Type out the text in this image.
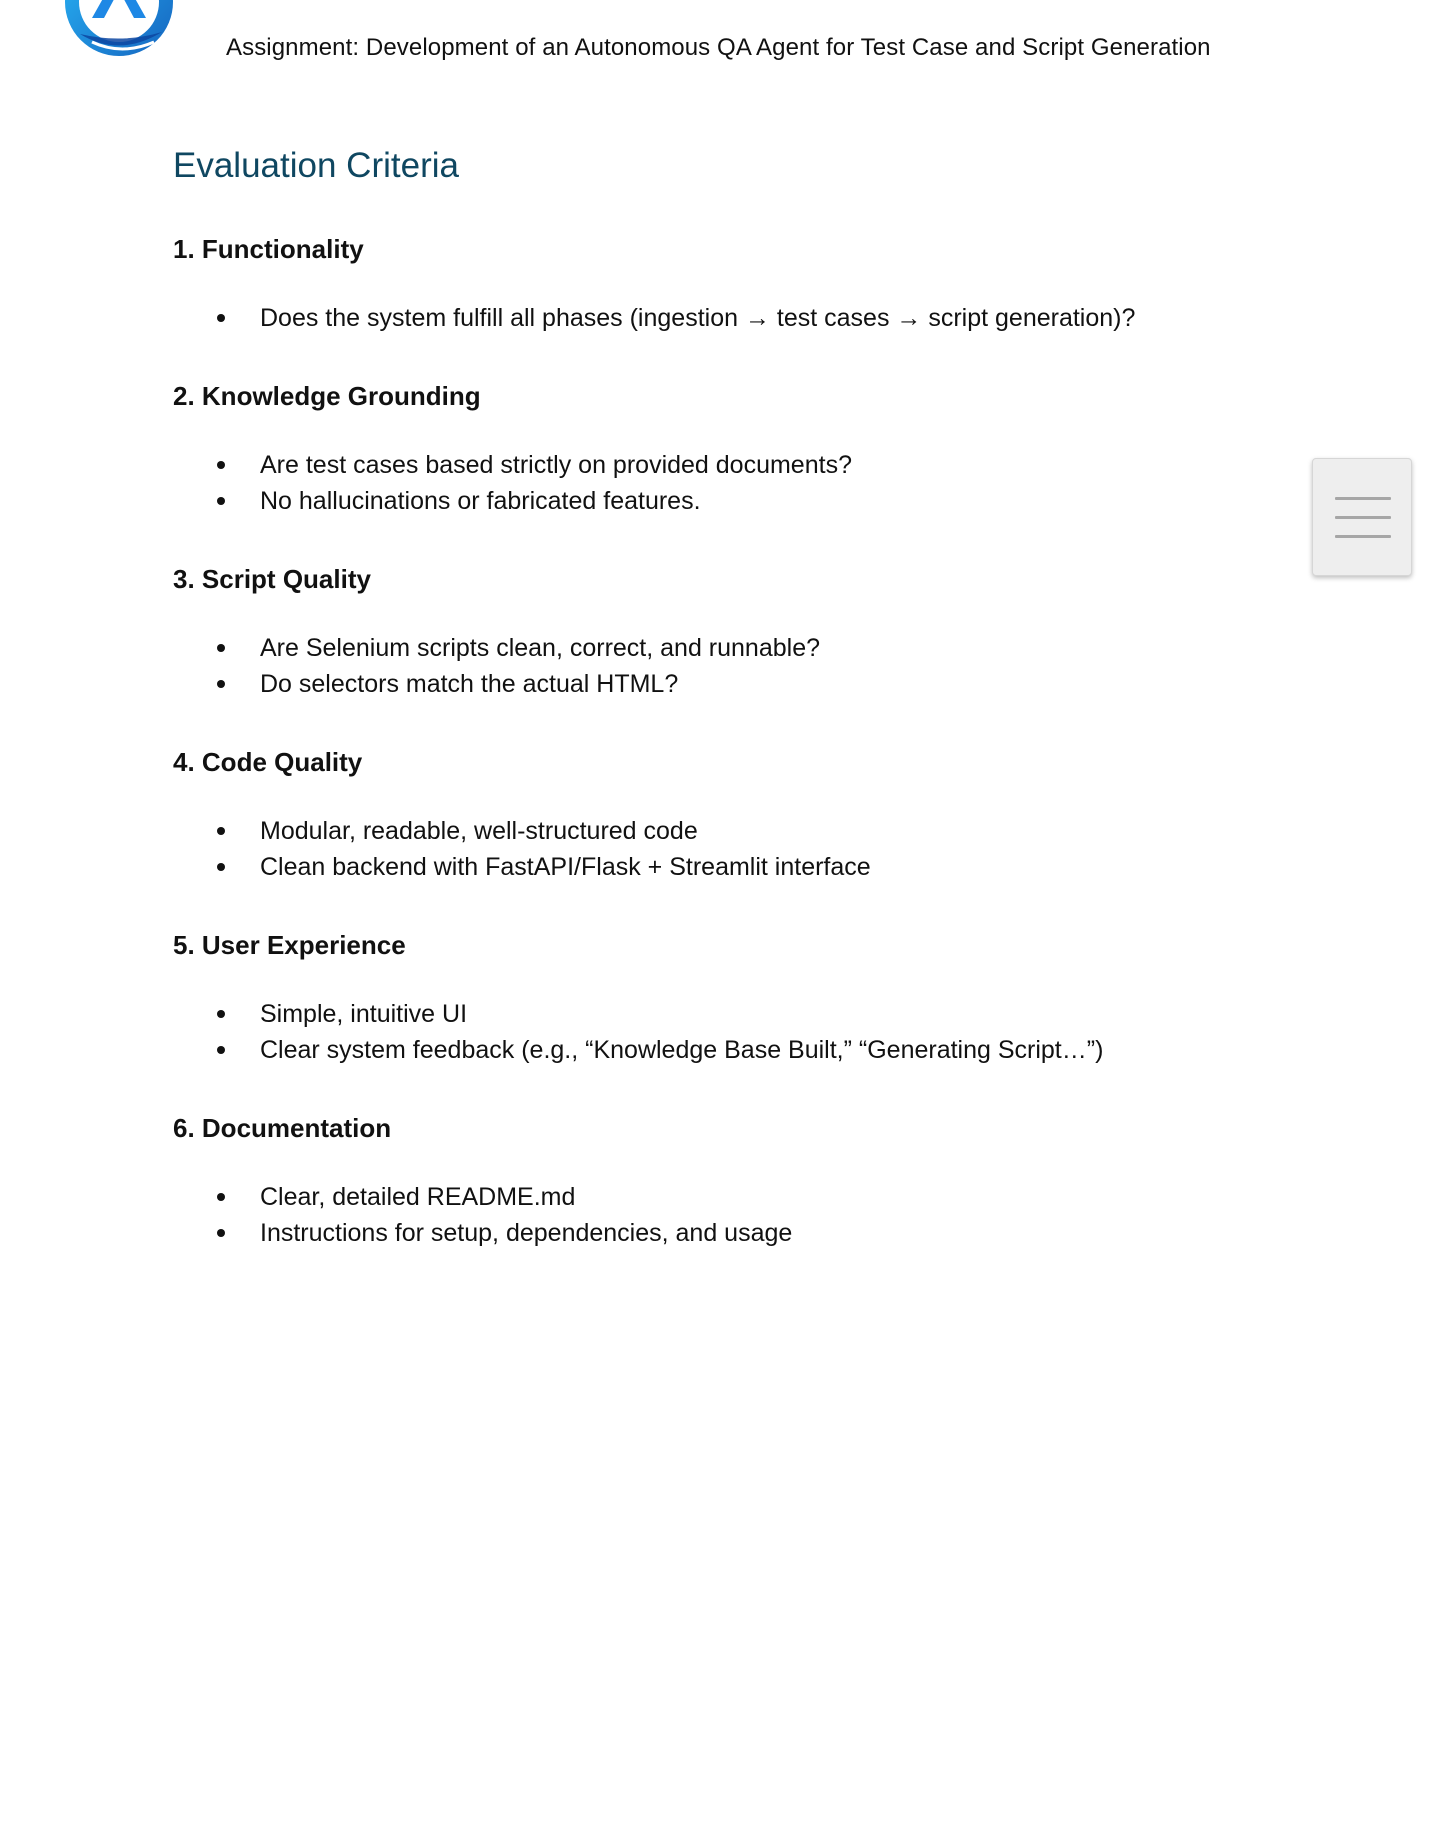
Assignment: Development of an Autonomous QA Agent for Test Case and Script Generation
Evaluation Criteria
1. Functionality
Does the system fulfill all phases (ingestion → test cases → script generation)?
2. Knowledge Grounding
Are test cases based strictly on provided documents?
No hallucinations or fabricated features.
3. Script Quality
Are Selenium scripts clean, correct, and runnable?
Do selectors match the actual HTML?
4. Code Quality
Modular, readable, well-structured code
Clean backend with FastAPI/Flask + Streamlit interface
5. User Experience
Simple, intuitive UI
Clear system feedback (e.g., “Knowledge Base Built,” “Generating Script…”)
6. Documentation
Clear, detailed README.md
Instructions for setup, dependencies, and usage
